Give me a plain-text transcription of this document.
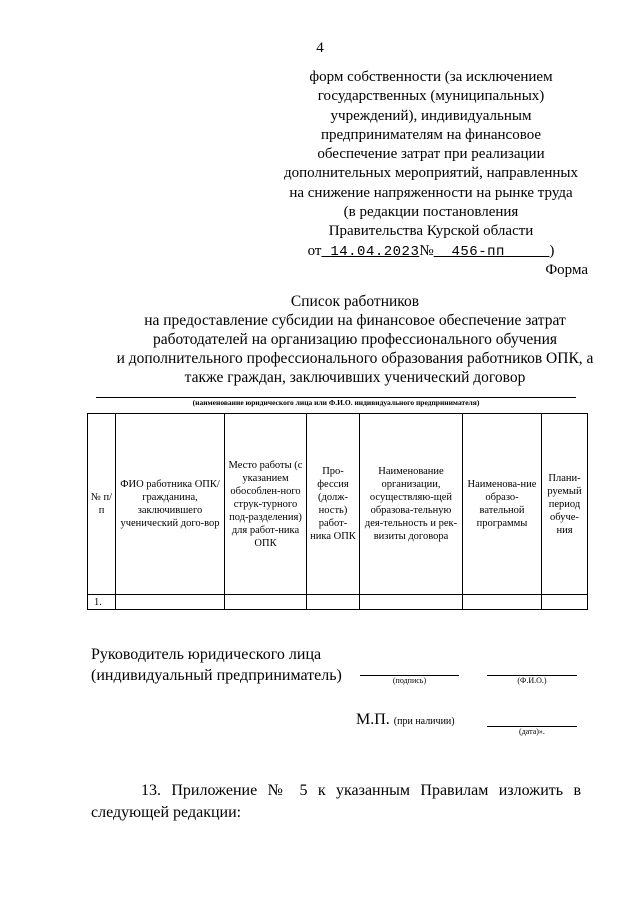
4
форм собственности (за исключением
государственных (муниципальных)
учреждений), индивидуальным
предпринимателям на финансовое
обеспечение затрат при реализации
дополнительных мероприятий, направленных
на снижение напряженности на рынке труда
(в редакции постановления
Правительства Курской области
от 14.04.2023№ 456-пп	)
Форма
Список работников
на предоставление субсидии на финансовое обеспечение затрат
работодателей на организацию профессионального обучения
и дополнительного профессионального образования работников ОПК, а
также граждан, заключивших ученический договор
(наименование юридического лица или Ф.И.О. индивидуального предпринимателя)
№ п/п	ФИО работника ОПК/гражданина, заключившего ученический дого-вор	Место работы (с указанием обособлен-ного струк-турного под-разделения) для работ-ника ОПК	Про-фессия (долж-ность) работ-ника ОПК	Наименование организации, осуществляю-щей образова-тельную дея-тельность и рек-визиты договора	Наименова-ние образо-вательной программы	Плани-руемый период обуче-ния
1.						
Руководитель юридического лица
(индивидуальный предприниматель)	(подпись)	(Ф.И.О.)
М.П. (при наличии)
(дата)».
13. Приложение № 5 к указанным Правилам изложить в следующей редакции:
